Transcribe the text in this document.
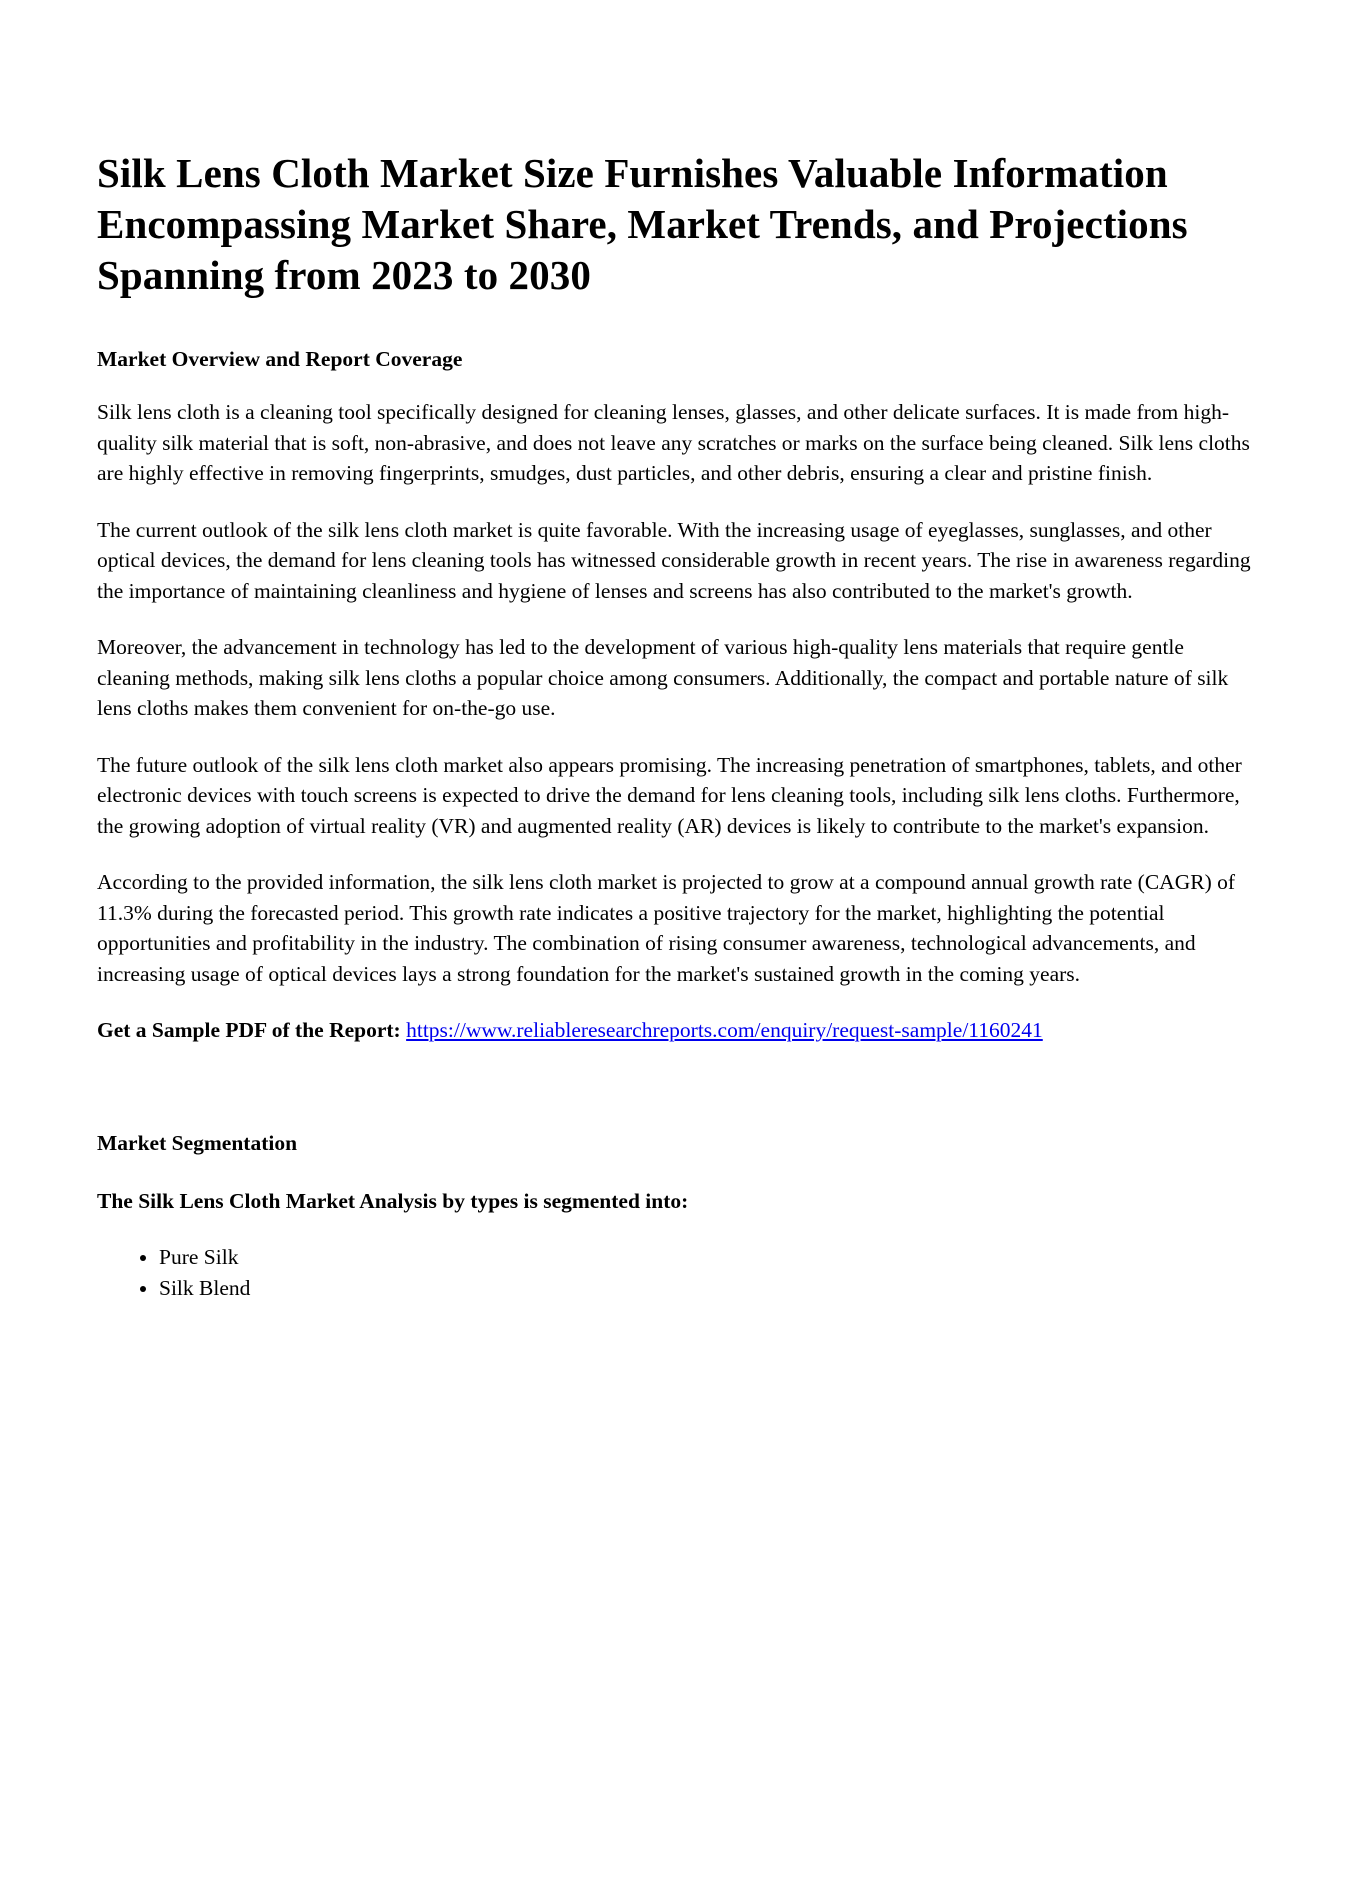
Silk Lens Cloth Market Size Furnishes Valuable Information Encompassing Market Share, Market Trends, and Projections Spanning from 2023 to 2030
Market Overview and Report Coverage

Silk lens cloth is a cleaning tool specifically designed for cleaning lenses, glasses, and other delicate surfaces. It is made from high-quality silk material that is soft, non-abrasive, and does not leave any scratches or marks on the surface being cleaned. Silk lens cloths are highly effective in removing fingerprints, smudges, dust particles, and other debris, ensuring a clear and pristine finish.

The current outlook of the silk lens cloth market is quite favorable. With the increasing usage of eyeglasses, sunglasses, and other optical devices, the demand for lens cleaning tools has witnessed considerable growth in recent years. The rise in awareness regarding the importance of maintaining cleanliness and hygiene of lenses and screens has also contributed to the market's growth.

Moreover, the advancement in technology has led to the development of various high-quality lens materials that require gentle cleaning methods, making silk lens cloths a popular choice among consumers. Additionally, the compact and portable nature of silk lens cloths makes them convenient for on-the-go use.

The future outlook of the silk lens cloth market also appears promising. The increasing penetration of smartphones, tablets, and other electronic devices with touch screens is expected to drive the demand for lens cleaning tools, including silk lens cloths. Furthermore, the growing adoption of virtual reality (VR) and augmented reality (AR) devices is likely to contribute to the market's expansion.

According to the provided information, the silk lens cloth market is projected to grow at a compound annual growth rate (CAGR) of 11.3% during the forecasted period. This growth rate indicates a positive trajectory for the market, highlighting the potential opportunities and profitability in the industry. The combination of rising consumer awareness, technological advancements, and increasing usage of optical devices lays a strong foundation for the market's sustained growth in the coming years.

Get a Sample PDF of the Report: https://www.reliableresearchreports.com/enquiry/request-sample/1160241

Market Segmentation

The Silk Lens Cloth Market Analysis by types is segmented into:

• Pure Silk
• Silk Blend
